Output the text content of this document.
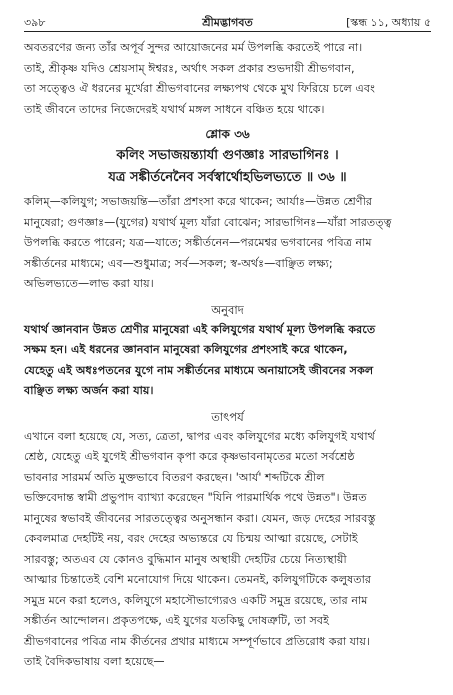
৩৯৮	শ্রীমদ্ভাগবত	[স্কন্ধ ১১, অধ্যায় ৫

অবতরণের জন্য তাঁর অপূর্ব সুন্দর আয়োজনের মর্ম উপলব্ধি করতেই পারে না।

তাই, শ্রীকৃষ্ণ যদিও শ্রেয়সাম্‌ ঈশ্বরঃ, অর্থাৎ সকল প্রকার শুভদায়ী শ্রীভগবান,

তা সত্ত্বেও ঐ ধরনের মূর্খেরা শ্রীভগবানের লক্ষ্যপথ থেকে মুখ ফিরিয়ে চলে এবং

তাই জীবনে তাদের নিজেদেরই যথার্থ মঙ্গল সাধনে বঞ্চিত হয়ে থাকে।

শ্লোক ৩৬
কলিং সভাজয়ন্ত্যার্যা গুণজ্ঞাঃ সারভাগিনঃ ।
যত্র সঙ্কীর্তনেনৈব সর্বস্বার্থোহভিলভ্যতে ॥ ৩৬ ॥

কলিম্‌—কলিযুগ; সভাজয়ন্তি—তাঁরা প্রশংসা করে থাকেন; আর্যাঃ—উন্নত শ্রেণীর

মানুষেরা; গুণজ্ঞাঃ—(যুগের) যথার্থ মূল্য যাঁরা বোঝেন; সারভাগিনঃ—যাঁরা সারতত্ত্ব

উপলব্ধি করতে পারেন; যত্র—যাতে; সঙ্কীর্তনেন—পরমেশ্বর ভগবানের পবিত্র নাম

সঙ্কীর্তনের মাধ্যমে; এব—শুধুমাত্র; সর্ব—সকল; স্ব-অর্থঃ—বাঞ্ছিত লক্ষ্য;

অভিলভ্যতে—লাভ করা যায়।

অনুবাদ

যথার্থ জ্ঞানবান উন্নত শ্রেণীর মানুষেরা এই কলিযুগের যথার্থ মূল্য উপলব্ধি করতে

সক্ষম হন। এই ধরনের জ্ঞানবান মানুষেরা কলিযুগের প্রশংসাই করে থাকেন,

যেহেতু এই অধঃপতনের যুগে নাম সঙ্কীর্তনের মাধ্যমে অনায়াসেই জীবনের সকল

বাঞ্ছিত লক্ষ্য অর্জন করা যায়।

তাৎপর্য

এখানে বলা হয়েছে যে, সত্য, ত্রেতা, দ্বাপর এবং কলিযুগের মধ্যে কলিযুগই যথার্থ

শ্রেষ্ঠ, যেহেতু এই যুগেই শ্রীভগবান কৃপা করে কৃষ্ণভাবনামৃতের মতো সর্বশ্রেষ্ঠ

ভাবনার সারমর্ম অতি মুক্তভাবে বিতরণ করছেন। 'আর্য' শব্দটিকে শ্রীল

ভক্তিবেদান্ত স্বামী প্রভুপাদ ব্যাখ্যা করেছেন "যিনি পারমার্থিক পথে উন্নত"। উন্নত

মানুষের স্বভাবই জীবনের সারতত্ত্বের অনুসন্ধান করা। যেমন, জড় দেহের সারবস্তু

কেবলমাত্র দেহটিই নয়, বরং দেহের অভ্যন্তরে যে চিন্ময় আত্মা রয়েছে, সেটাই

সারবস্তু; অতএব যে কোনও বুদ্ধিমান মানুষ অস্থায়ী দেহটির চেয়ে নিত্যস্থায়ী

আত্মার চিন্তাতেই বেশি মনোযোগ দিয়ে থাকেন। তেমনই, কলিযুগটিকে কলুষতার

সমুদ্র মনে করা হলেও, কলিযুগে মহাসৌভাগ্যেরও একটি সমুদ্র রয়েছে, তার নাম

সঙ্কীর্তন আন্দোলন। প্রকৃতপক্ষে, এই যুগের যতকিছু দোষত্রুটি, তা সবই

শ্রীভগবানের পবিত্র নাম কীর্তনের প্রথার মাধ্যমে সম্পূর্ণভাবে প্রতিরোধ করা যায়।

তাই বৈদিকভাষায় বলা হয়েছে—
